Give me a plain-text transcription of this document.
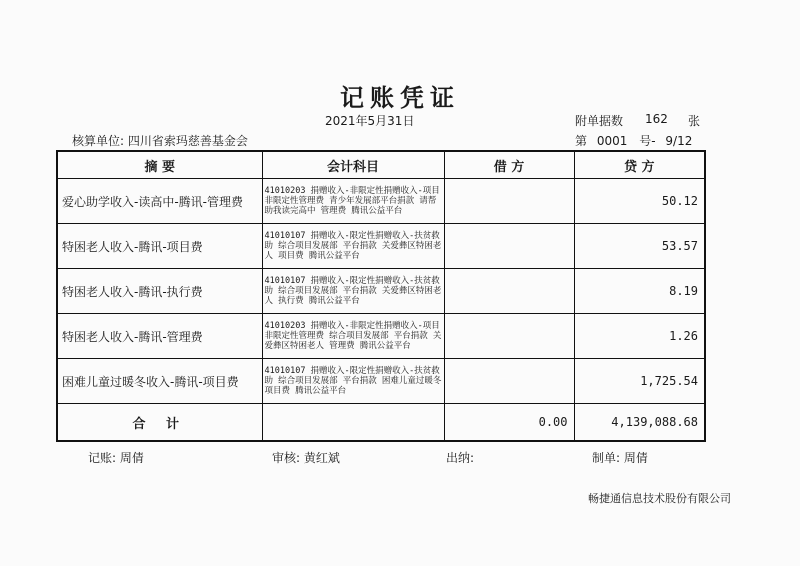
记账凭证
2021年5月31日	附单据数 162 张
核算单位: 四川省索玛慈善基金会	第 0001 号- 9/12
摘 要	会计科目	借 方	贷 方
爱心助学收入-读高中-腾讯-管理费	41010203 捐赠收入-非限定性捐赠收入-项目非限定性管理费 青少年发展部平台捐款 请帮助我读完高中 管理费 腾讯公益平台		50.12
特困老人收入-腾讯-项目费	41010107 捐赠收入-限定性捐赠收入-扶贫救助 综合项目发展部 平台捐款 关爱彝区特困老人 项目费 腾讯公益平台		53.57
特困老人收入-腾讯-执行费	41010107 捐赠收入-限定性捐赠收入-扶贫救助 综合项目发展部 平台捐款 关爱彝区特困老人 执行费 腾讯公益平台		8.19
特困老人收入-腾讯-管理费	41010203 捐赠收入-非限定性捐赠收入-项目非限定性管理费 综合项目发展部 平台捐款 关爱彝区特困老人 管理费 腾讯公益平台		1.26
困难儿童过暖冬收入-腾讯-项目费	41010107 捐赠收入-限定性捐赠收入-扶贫救助 综合项目发展部 平台捐款 困难儿童过暖冬 项目费 腾讯公益平台		1,725.54
合 计		0.00	4,139,088.68
记账: 周倩	审核: 黄红斌	出纳:	制单: 周倩
畅捷通信息技术股份有限公司
